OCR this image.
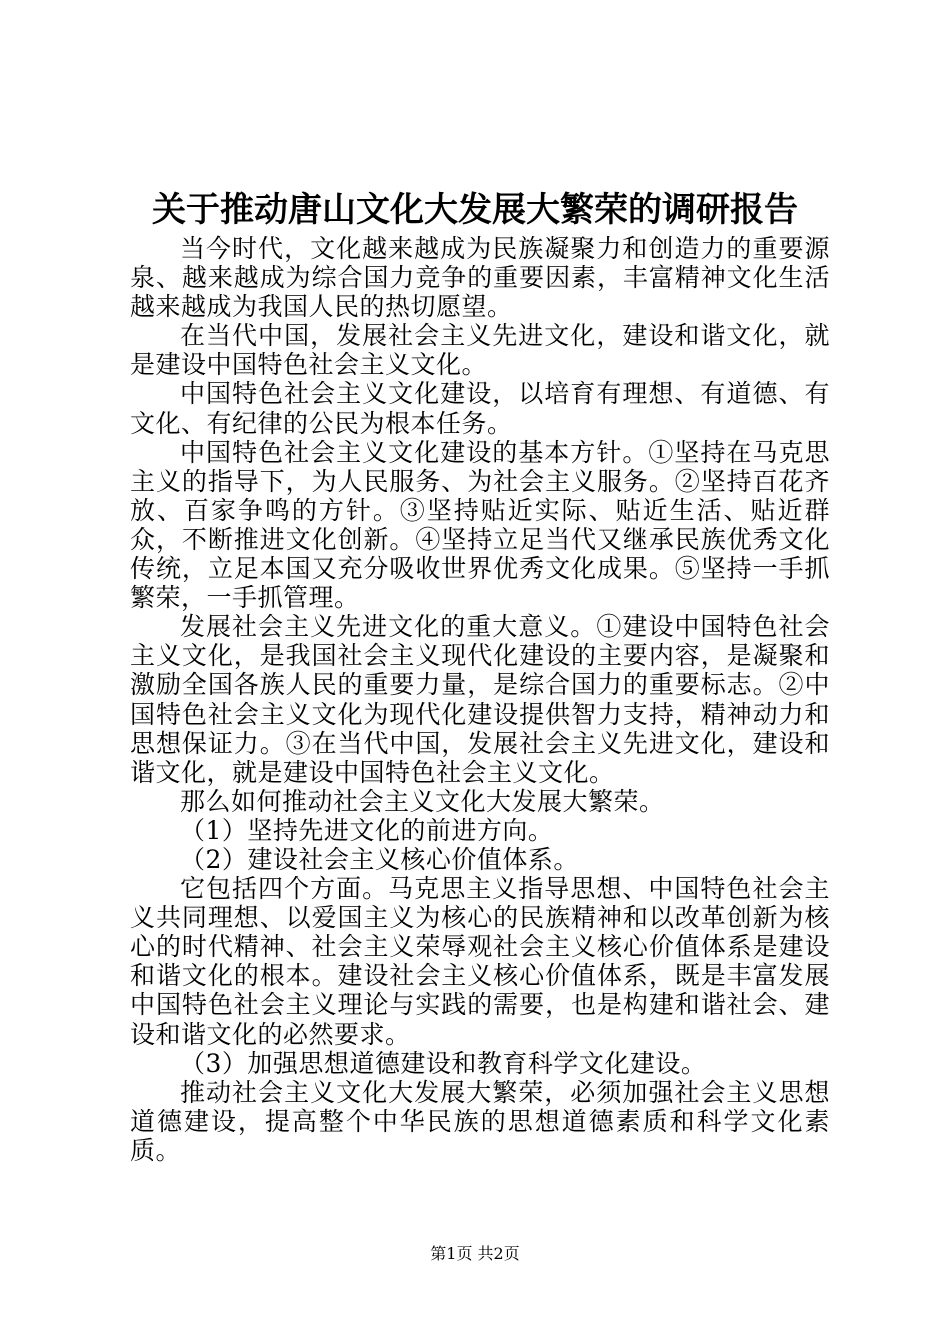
关于推动唐山文化大发展大繁荣的调研报告

当今时代，文化越来越成为民族凝聚力和创造力的重要源泉、越来越成为综合国力竞争的重要因素，丰富精神文化生活越来越成为我国人民的热切愿望。

在当代中国，发展社会主义先进文化，建设和谐文化，就是建设中国特色社会主义文化。

中国特色社会主义文化建设，以培育有理想、有道德、有文化、有纪律的公民为根本任务。

中国特色社会主义文化建设的基本方针。①坚持在马克思主义的指导下，为人民服务、为社会主义服务。②坚持百花齐放、百家争鸣的方针。③坚持贴近实际、贴近生活、贴近群众，不断推进文化创新。④坚持立足当代又继承民族优秀文化传统，立足本国又充分吸收世界优秀文化成果。⑤坚持一手抓繁荣，一手抓管理。

发展社会主义先进文化的重大意义。①建设中国特色社会主义文化，是我国社会主义现代化建设的主要内容，是凝聚和激励全国各族人民的重要力量，是综合国力的重要标志。②中国特色社会主义文化为现代化建设提供智力支持，精神动力和思想保证力。③在当代中国，发展社会主义先进文化，建设和谐文化，就是建设中国特色社会主义文化。

那么如何推动社会主义文化大发展大繁荣。

（1）坚持先进文化的前进方向。

（2）建设社会主义核心价值体系。

它包括四个方面。马克思主义指导思想、中国特色社会主义共同理想、以爱国主义为核心的民族精神和以改革创新为核心的时代精神、社会主义荣辱观社会主义核心价值体系是建设和谐文化的根本。建设社会主义核心价值体系，既是丰富发展中国特色社会主义理论与实践的需要，也是构建和谐社会、建设和谐文化的必然要求。

（3）加强思想道德建设和教育科学文化建设。

推动社会主义文化大发展大繁荣，必须加强社会主义思想道德建设，提高整个中华民族的思想道德素质和科学文化素质。

第1页 共2页
